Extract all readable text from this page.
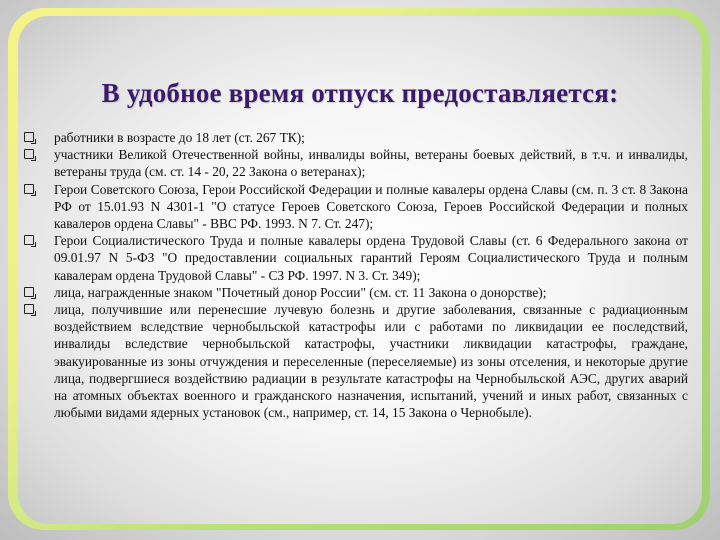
В удобное время отпуск предоставляется:
работники в возрасте до 18 лет (ст. 267 ТК);
участники Великой Отечественной войны, инвалиды войны, ветераны боевых действий, в т.ч. и инвалиды, ветераны труда (см. ст. 14 - 20, 22 Закона о ветеранах);
Герои Советского Союза, Герои Российской Федерации и полные кавалеры ордена Славы (см. п. 3 ст. 8 Закона РФ от 15.01.93 N 4301-1 "О статусе Героев Советского Союза, Героев Российской Федерации и полных кавалеров ордена Славы" - ВВС РФ. 1993. N 7. Ст. 247);
Герои Социалистического Труда и полные кавалеры ордена Трудовой Славы (ст. 6 Федерального закона от 09.01.97 N 5-ФЗ "О предоставлении социальных гарантий Героям Социалистического Труда и полным кавалерам ордена Трудовой Славы" - СЗ РФ. 1997. N 3. Ст. 349);
лица, награжденные знаком "Почетный донор России" (см. ст. 11 Закона о донорстве);
лица, получившие или перенесшие лучевую болезнь и другие заболевания, связанные с радиационным воздействием вследствие чернобыльской катастрофы или с работами по ликвидации ее последствий, инвалиды вследствие чернобыльской катастрофы, участники ликвидации катастрофы, граждане, эвакуированные из зоны отчуждения и переселенные (переселяемые) из зоны отселения, и некоторые другие лица, подвергшиеся воздействию радиации в результате катастрофы на Чернобыльской АЭС, других аварий на атомных объектах военного и гражданского назначения, испытаний, учений и иных работ, связанных с любыми видами ядерных установок (см., например, ст. 14, 15 Закона о Чернобыле).
